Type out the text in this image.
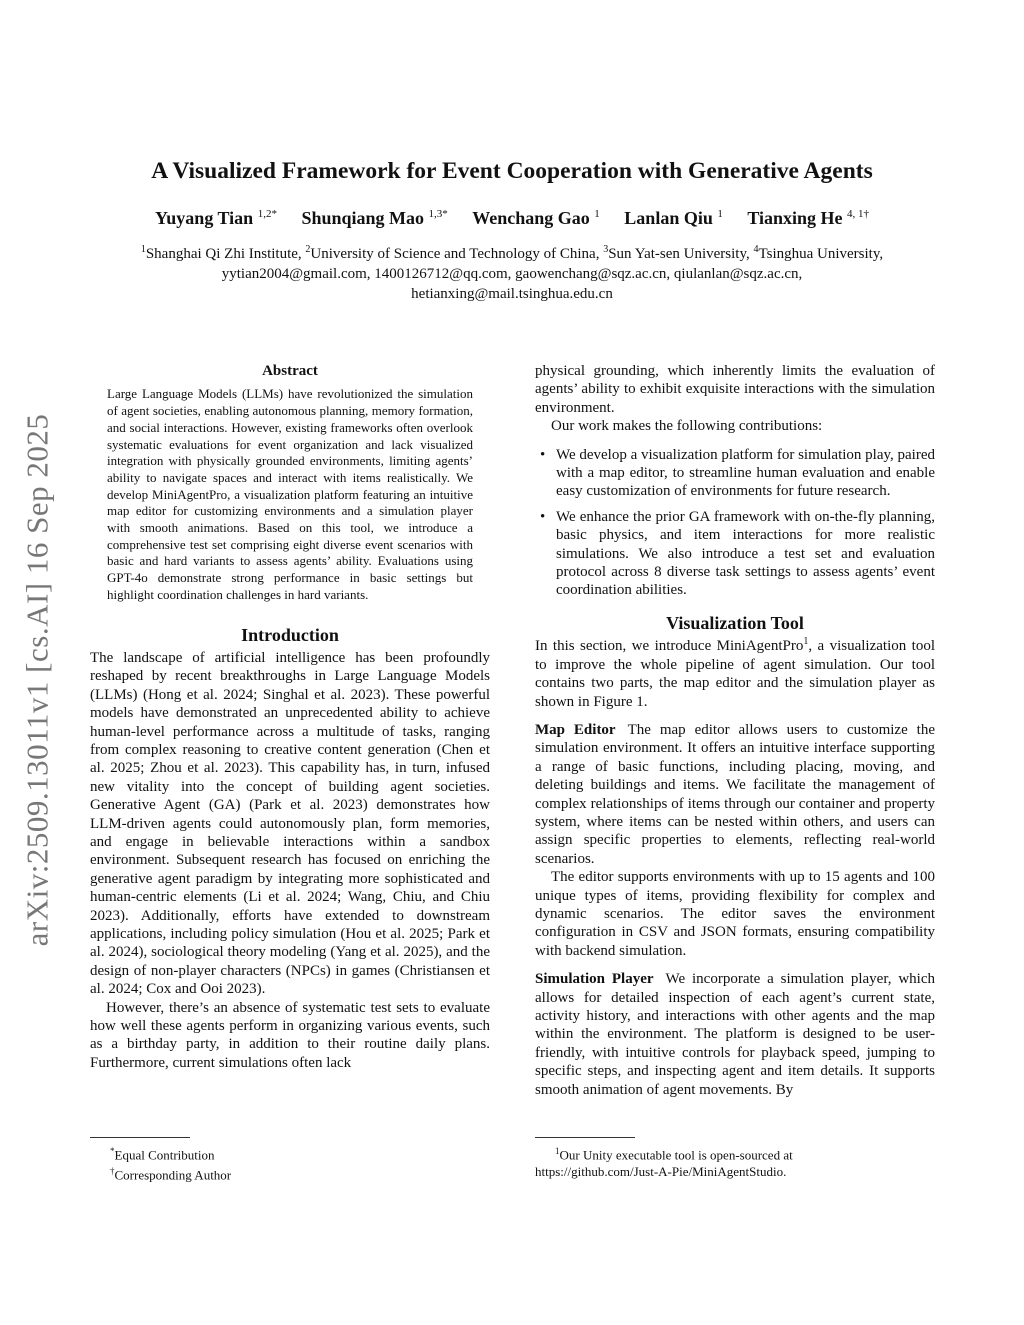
arXiv:2509.13011v1 [cs.AI] 16 Sep 2025
A Visualized Framework for Event Cooperation with Generative Agents
Yuyang Tian $^{1,2*}$ Shunqiang Mao $^{1,3*}$ Wenchang Gao $^1$ Lanlan Qiu $^1$ Tianxing He $^{4, 1\dagger}$
$^1$Shanghai Qi Zhi Institute, $^2$University of Science and Technology of China, $^3$Sun Yat-sen University, $^4$Tsinghua University,
yytian2004@gmail.com, 1400126712@qq.com, gaowenchang@sqz.ac.cn, qiulanlan@sqz.ac.cn,
hetianxing@mail.tsinghua.edu.cn
Abstract

Large Language Models (LLMs) have revolutionized the simulation of agent societies, enabling autonomous planning, memory formation, and social interactions. However, existing frameworks often overlook systematic evaluations for event organization and lack visualized integration with physically grounded environments, limiting agents’ ability to navigate spaces and interact with items realistically. We develop MiniAgentPro, a visualization platform featuring an intuitive map editor for customizing environments and a simulation player with smooth animations. Based on this tool, we introduce a comprehensive test set comprising eight diverse event scenarios with basic and hard variants to assess agents’ ability. Evaluations using GPT-4o demonstrate strong performance in basic settings but highlight coordination challenges in hard variants.

Introduction

The landscape of artificial intelligence has been profoundly reshaped by recent breakthroughs in Large Language Models (LLMs) (Hong et al. 2024; Singhal et al. 2023). These powerful models have demonstrated an unprecedented ability to achieve human-level performance across a multitude of tasks, ranging from complex reasoning to creative content generation (Chen et al. 2025; Zhou et al. 2023). This capability has, in turn, infused new vitality into the concept of building agent societies. Generative Agent (GA) (Park et al. 2023) demonstrates how LLM-driven agents could autonomously plan, form memories, and engage in believable interactions within a sandbox environment. Subsequent research has focused on enriching the generative agent paradigm by integrating more sophisticated and human-centric elements (Li et al. 2024; Wang, Chiu, and Chiu 2023). Additionally, efforts have extended to downstream applications, including policy simulation (Hou et al. 2025; Park et al. 2024), sociological theory modeling (Yang et al. 2025), and the design of non-player characters (NPCs) in games (Christiansen et al. 2024; Cox and Ooi 2023).

However, there’s an absence of systematic test sets to evaluate how well these agents perform in organizing various events, such as a birthday party, in addition to their routine daily plans. Furthermore, current simulations often lack

physical grounding, which inherently limits the evaluation of agents’ ability to exhibit exquisite interactions with the simulation environment.

Our work makes the following contributions:

• We develop a visualization platform for simulation play, paired with a map editor, to streamline human evaluation and enable easy customization of environments for future research.
• We enhance the prior GA framework with on-the-fly planning, basic physics, and item interactions for more realistic simulations. We also introduce a test set and evaluation protocol across 8 diverse task settings to assess agents’ event coordination abilities.
Visualization Tool

In this section, we introduce MiniAgentPro$^1$, a visualization tool to improve the whole pipeline of agent simulation. Our tool contains two parts, the map editor and the simulation player as shown in Figure 1.

Map Editor The map editor allows users to customize the simulation environment. It offers an intuitive interface supporting a range of basic functions, including placing, moving, and deleting buildings and items. We facilitate the management of complex relationships of items through our container and property system, where items can be nested within others, and users can assign specific properties to elements, reflecting real-world scenarios.

The editor supports environments with up to 15 agents and 100 unique types of items, providing flexibility for complex and dynamic scenarios. The editor saves the environment configuration in CSV and JSON formats, ensuring compatibility with backend simulation.

Simulation Player We incorporate a simulation player, which allows for detailed inspection of each agent’s current state, activity history, and interactions with other agents and the map within the environment. The platform is designed to be user-friendly, with intuitive controls for playback speed, jumping to specific steps, and inspecting agent and item details. It supports smooth animation of agent movements. By

*Equal Contribution
†Corresponding Author
$^1$Our Unity executable tool is open-sourced at
https://github.com/Just-A-Pie/MiniAgentStudio.
